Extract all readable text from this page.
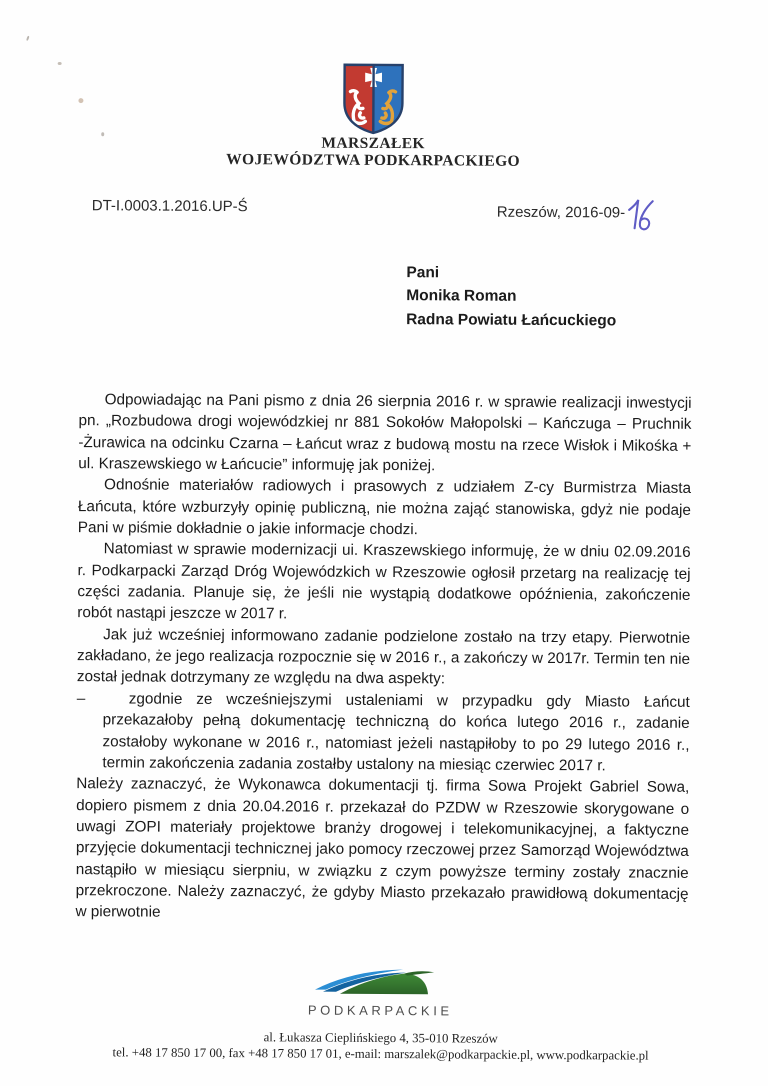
MARSZAŁEK
WOJEWÓDZTWA PODKARPACKIEGO
DT-I.0003.1.2016.UP-Ś	Rzeszów, 2016-09-
Pani
Monika Roman
Radna Powiatu Łańcuckiego

Odpowiadając na Pani pismo z dnia 26 sierpnia 2016 r. w sprawie realizacji inwestycji pn. „Rozbudowa drogi wojewódzkiej nr 881 Sokołów Małopolski – Kańczuga – Pruchnik -Żurawica na odcinku Czarna – Łańcut wraz z budową mostu na rzece Wisłok i Mikośka + ul. Kraszewskiego w Łańcucie” informuję jak poniżej.

Odnośnie materiałów radiowych i prasowych z udziałem Z-cy Burmistrza Miasta Łańcuta, które wzburzyły opinię publiczną, nie można zająć stanowiska, gdyż nie podaje Pani w piśmie dokładnie o jakie informacje chodzi.

Natomiast w sprawie modernizacji ui. Kraszewskiego informuję, że w dniu 02.09.2016 r. Podkarpacki Zarząd Dróg Wojewódzkich w Rzeszowie ogłosił przetarg na realizację tej części zadania. Planuje się, że jeśli nie wystąpią dodatkowe opóźnienia, zakończenie robót nastąpi jeszcze w 2017 r.

Jak już wcześniej informowano zadanie podzielone zostało na trzy etapy. Pierwotnie zakładano, że jego realizacja rozpocznie się w 2016 r., a zakończy w 2017r. Termin ten nie został jednak dotrzymany ze względu na dwa aspekty:

–	zgodnie ze wcześniejszymi ustaleniami w przypadku gdy Miasto Łańcut przekazałoby pełną dokumentację techniczną do końca lutego 2016 r., zadanie zostałoby wykonane w 2016 r., natomiast jeżeli nastąpiłoby to po 29 lutego 2016 r., termin zakończenia zadania zostałby ustalony na miesiąc czerwiec 2017 r.

Należy zaznaczyć, że Wykonawca dokumentacji tj. firma Sowa Projekt Gabriel Sowa, dopiero pismem z dnia 20.04.2016 r. przekazał do PZDW w Rzeszowie skorygowane o uwagi ZOPI materiały projektowe branży drogowej i telekomunikacyjnej, a faktyczne przyjęcie dokumentacji technicznej jako pomocy rzeczowej przez Samorząd Województwa nastąpiło w miesiącu sierpniu, w związku z czym powyższe terminy zostały znacznie przekroczone. Należy zaznaczyć, że gdyby Miasto przekazało prawidłową dokumentację w pierwotnie

PODKARPACKIE
al. Łukasza Cieplińskiego 4, 35-010 Rzeszów
tel. +48 17 850 17 00, fax +48 17 850 17 01, e-mail: marszalek@podkarpackie.pl, www.podkarpackie.pl
